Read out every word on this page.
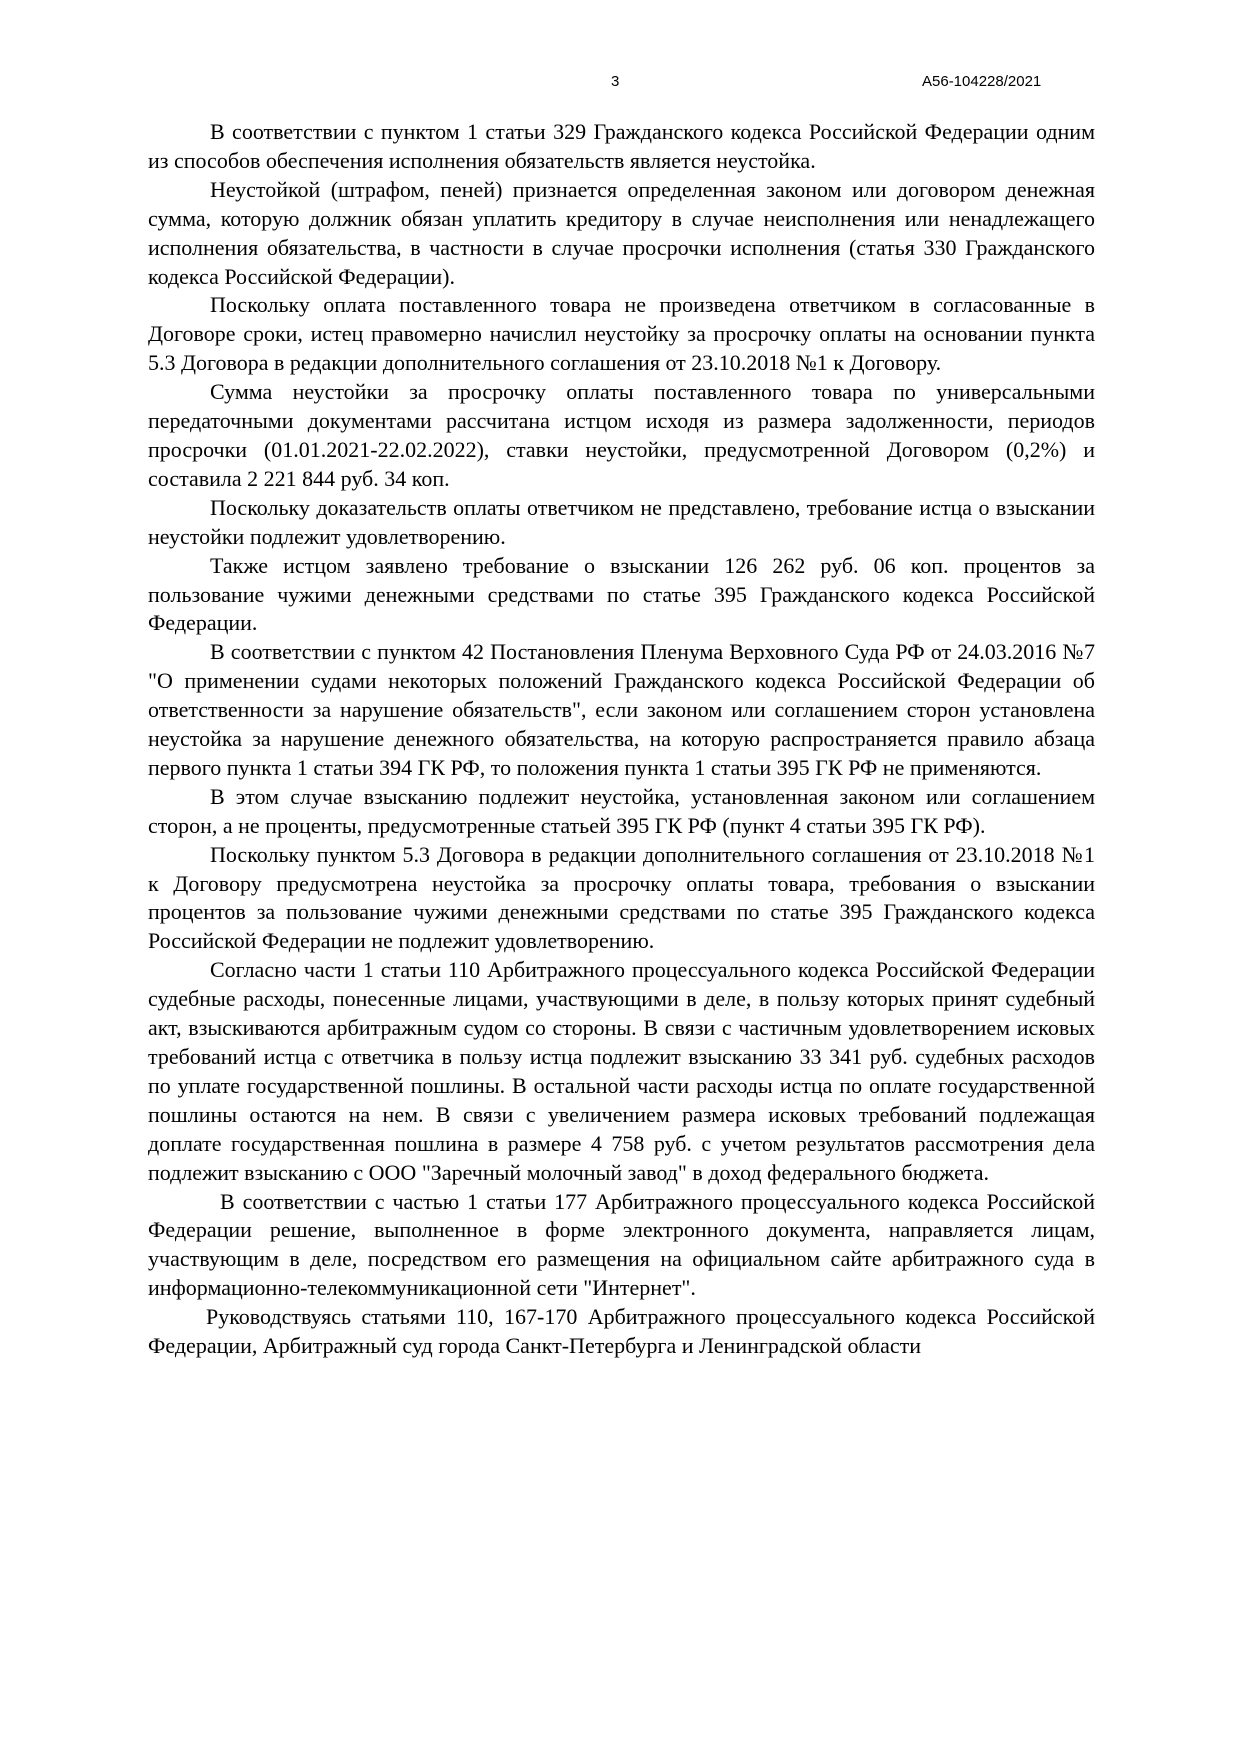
3	А56-104228/2021

В соответствии с пунктом 1 статьи 329 Гражданского кодекса Российской Федерации одним из способов обеспечения исполнения обязательств является неустойка.

Неустойкой (штрафом, пеней) признается определенная законом или договором денежная сумма, которую должник обязан уплатить кредитору в случае неисполнения или ненадлежащего исполнения обязательства, в частности в случае просрочки исполнения (статья 330 Гражданского кодекса Российской Федерации).

Поскольку оплата поставленного товара не произведена ответчиком в согласованные в Договоре сроки, истец правомерно начислил неустойку за просрочку оплаты на основании пункта 5.3 Договора в редакции дополнительного соглашения от 23.10.2018 №1 к Договору.

Сумма неустойки за просрочку оплаты поставленного товара по универсальными передаточными документами рассчитана истцом исходя из размера задолженности, периодов просрочки (01.01.2021-22.02.2022), ставки неустойки, предусмотренной Договором (0,2%) и составила 2 221 844 руб. 34 коп.

Поскольку доказательств оплаты ответчиком не представлено, требование истца о взыскании неустойки подлежит удовлетворению.

Также истцом заявлено требование о взыскании 126 262 руб. 06 коп. процентов за пользование чужими денежными средствами по статье 395 Гражданского кодекса Российской Федерации.

В соответствии с пунктом 42 Постановления Пленума Верховного Суда РФ от 24.03.2016 №7 "О применении судами некоторых положений Гражданского кодекса Российской Федерации об ответственности за нарушение обязательств", если законом или соглашением сторон установлена неустойка за нарушение денежного обязательства, на которую распространяется правило абзаца первого пункта 1 статьи 394 ГК РФ, то положения пункта 1 статьи 395 ГК РФ не применяются.

В этом случае взысканию подлежит неустойка, установленная законом или соглашением сторон, а не проценты, предусмотренные статьей 395 ГК РФ (пункт 4 статьи 395 ГК РФ).

Поскольку пунктом 5.3 Договора в редакции дополнительного соглашения от 23.10.2018 №1 к Договору предусмотрена неустойка за просрочку оплаты товара, требования о взыскании процентов за пользование чужими денежными средствами по статье 395 Гражданского кодекса Российской Федерации не подлежит удовлетворению.

Согласно части 1 статьи 110 Арбитражного процессуального кодекса Российской Федерации судебные расходы, понесенные лицами, участвующими в деле, в пользу которых принят судебный акт, взыскиваются арбитражным судом со стороны. В связи с частичным удовлетворением исковых требований истца с ответчика в пользу истца подлежит взысканию 33 341 руб. судебных расходов по уплате государственной пошлины. В остальной части расходы истца по оплате государственной пошлины остаются на нем. В связи с увеличением размера исковых требований подлежащая доплате государственная пошлина в размере 4 758 руб. с учетом результатов рассмотрения дела подлежит взысканию с ООО "Заречный молочный завод" в доход федерального бюджета.

В соответствии с частью 1 статьи 177 Арбитражного процессуального кодекса Российской Федерации решение, выполненное в форме электронного документа, направляется лицам, участвующим в деле, посредством его размещения на официальном сайте арбитражного суда в информационно-телекоммуникационной сети "Интернет".

Руководствуясь статьями 110, 167-170 Арбитражного процессуального кодекса Российской Федерации, Арбитражный суд города Санкт-Петербурга и Ленинградской области
